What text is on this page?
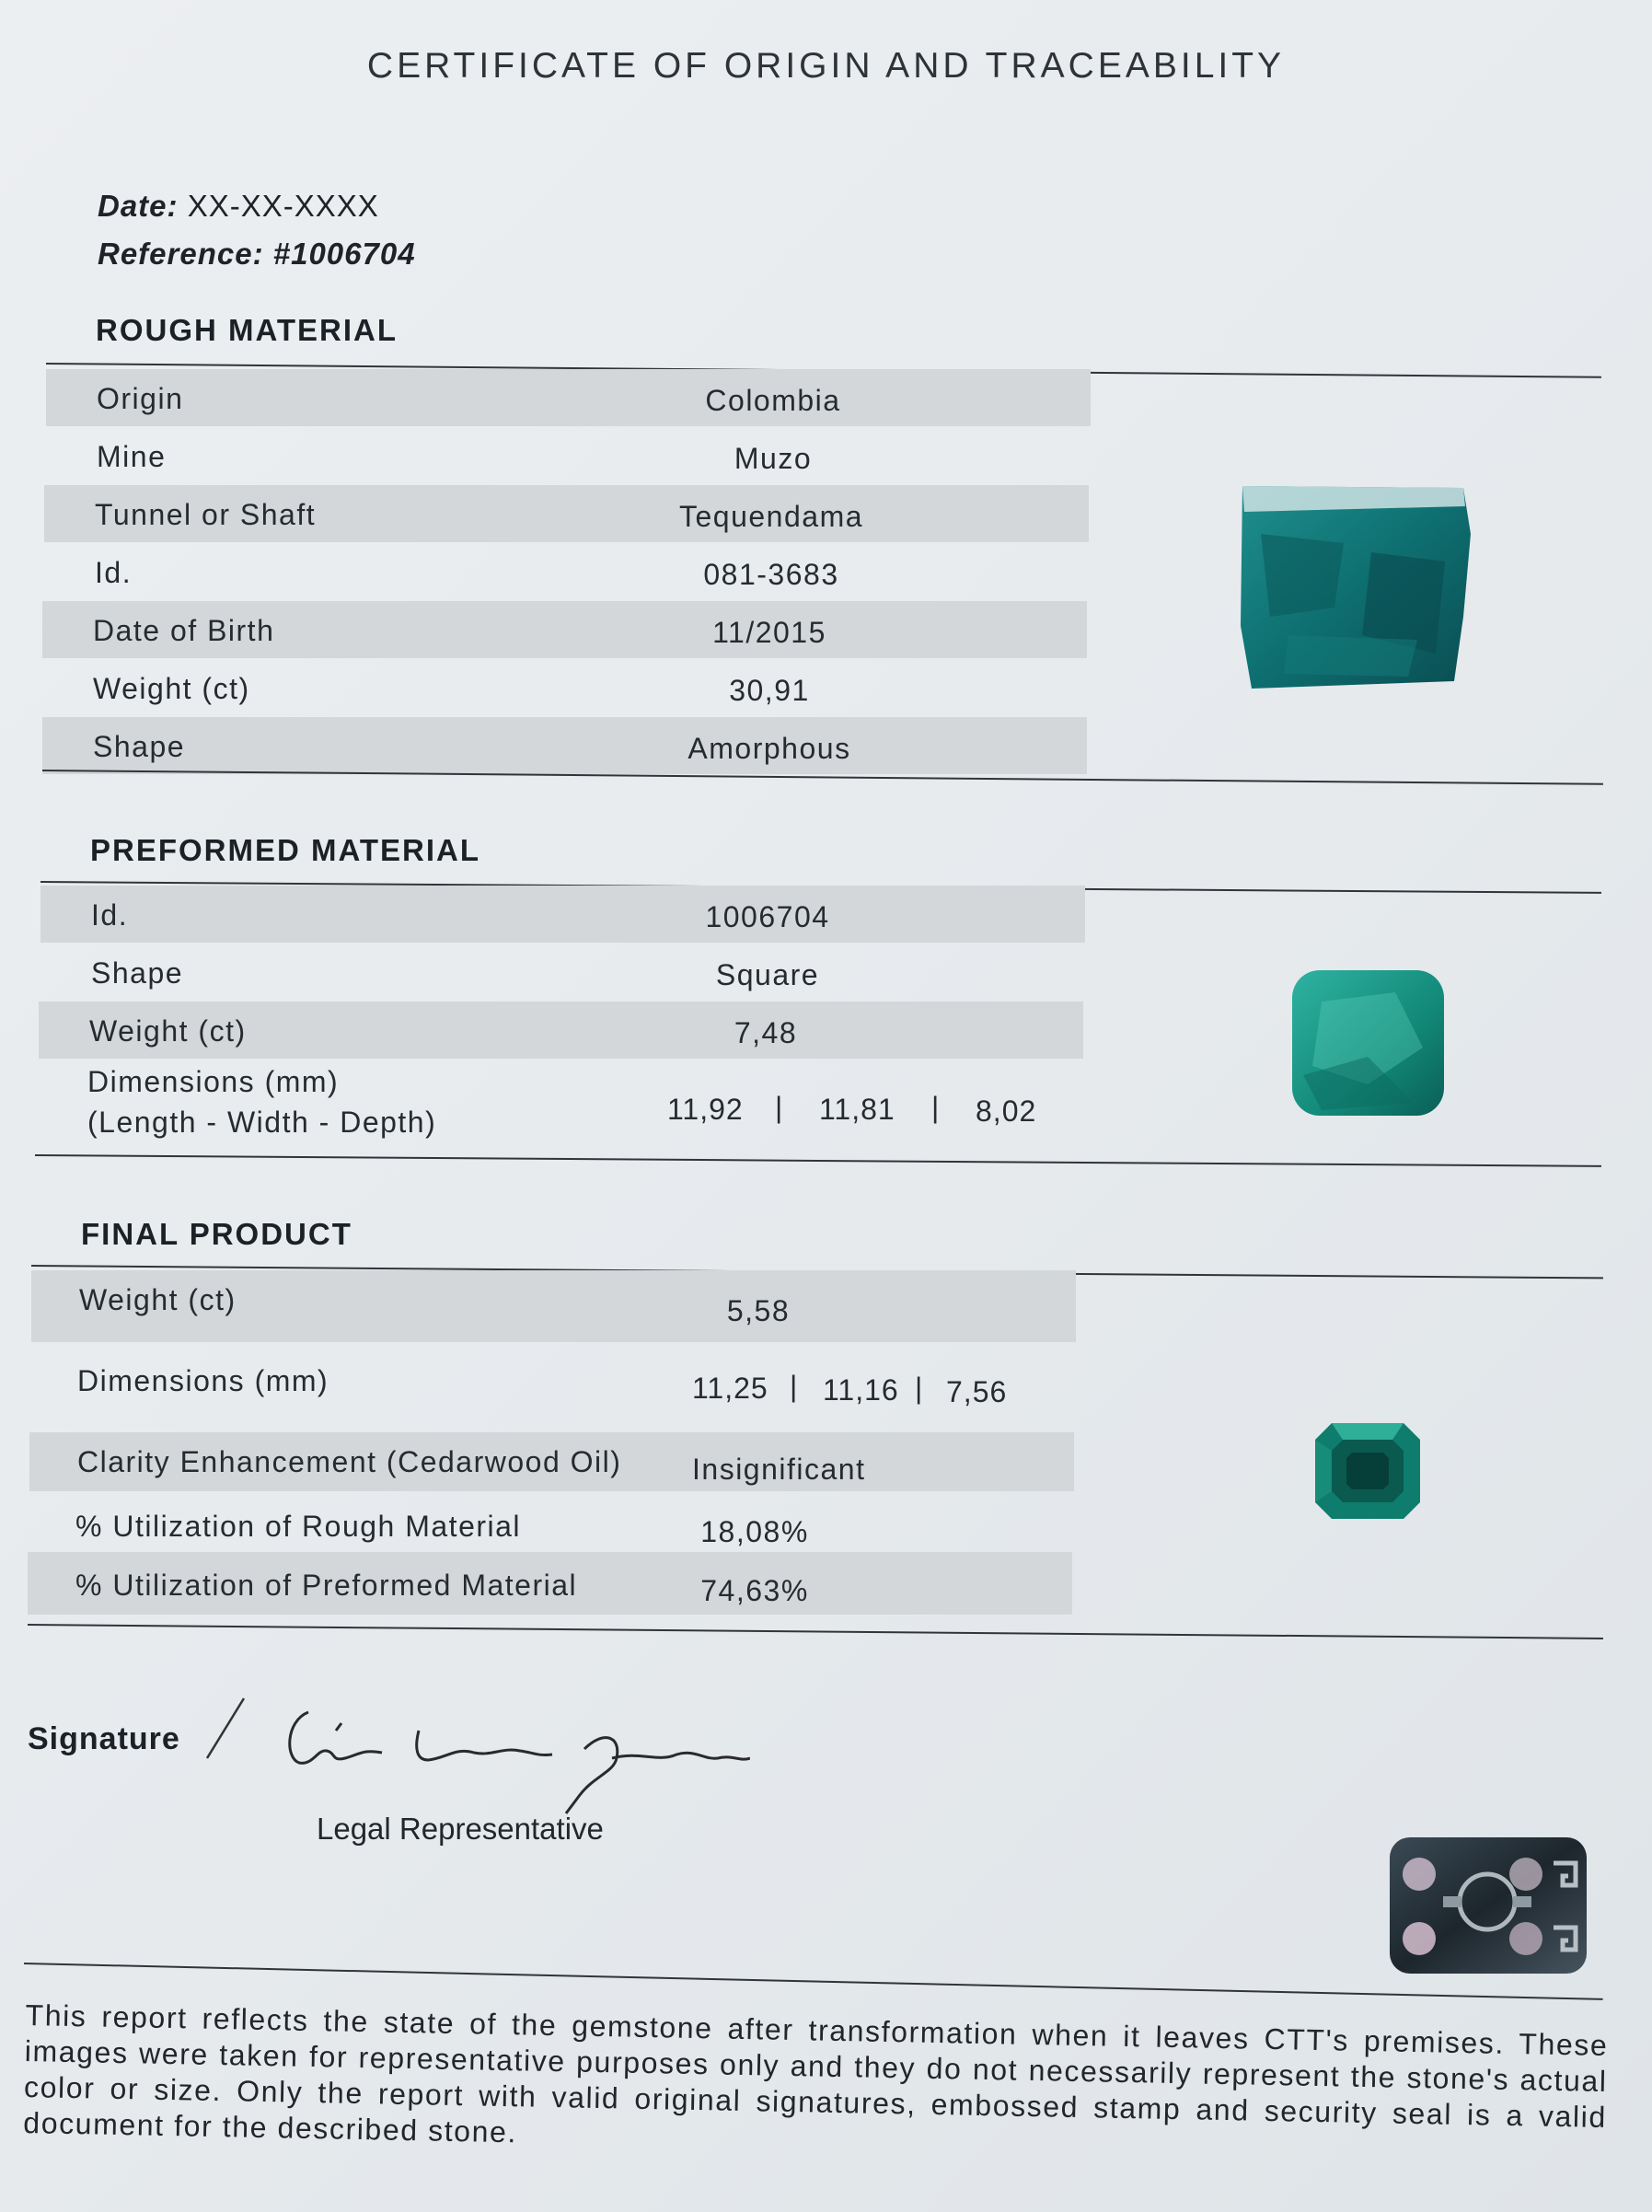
CERTIFICATE OF ORIGIN AND TRACEABILITY
Date: XX-XX-XXXX
Reference: #1006704
ROUGH MATERIAL
Origin	Colombia
Mine	Muzo
Tunnel or Shaft	Tequendama
Id.	081-3683
Date of Birth	11/2015
Weight (ct)	30,91
Shape	Amorphous
PREFORMED MATERIAL
Id.	1006704
Shape	Square
Weight (ct)	7,48
Dimensions (mm)
(Length - Width - Depth)	11,92 | 11,81 | 8,02
FINAL PRODUCT
Weight (ct)	5,58
Dimensions (mm)	11,25 | 11,16 | 7,56
Clarity Enhancement (Cedarwood Oil) Insignificant
% Utilization of Rough Material	18,08%
% Utilization of Preformed Material	74,63%
Signature
Legal Representative
This report reflects the state of the gemstone after transformation when it leaves CTT's premises. These images were taken for representative purposes only and they do not necessarily represent the stone's actual color or size. Only the report with valid original signatures, embossed stamp and security seal is a valid document for the described stone.
